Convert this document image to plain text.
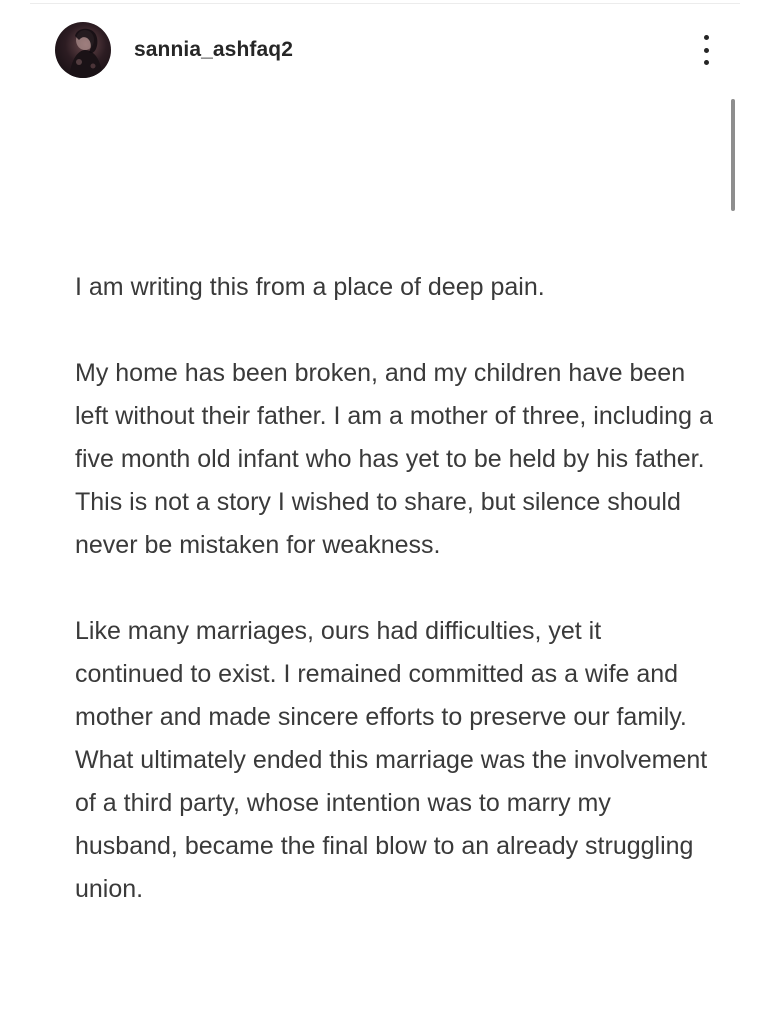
sannia_ashfaq2

I am writing this from a place of deep pain.

My home has been broken, and my children have been left without their father. I am a mother of three, including a five month old infant who has yet to be held by his father. This is not a story I wished to share, but silence should never be mistaken for weakness.

Like many marriages, ours had difficulties, yet it continued to exist. I remained committed as a wife and mother and made sincere efforts to preserve our family. What ultimately ended this marriage was the involvement of a third party, whose intention was to marry my husband, became the final blow to an already struggling union.
